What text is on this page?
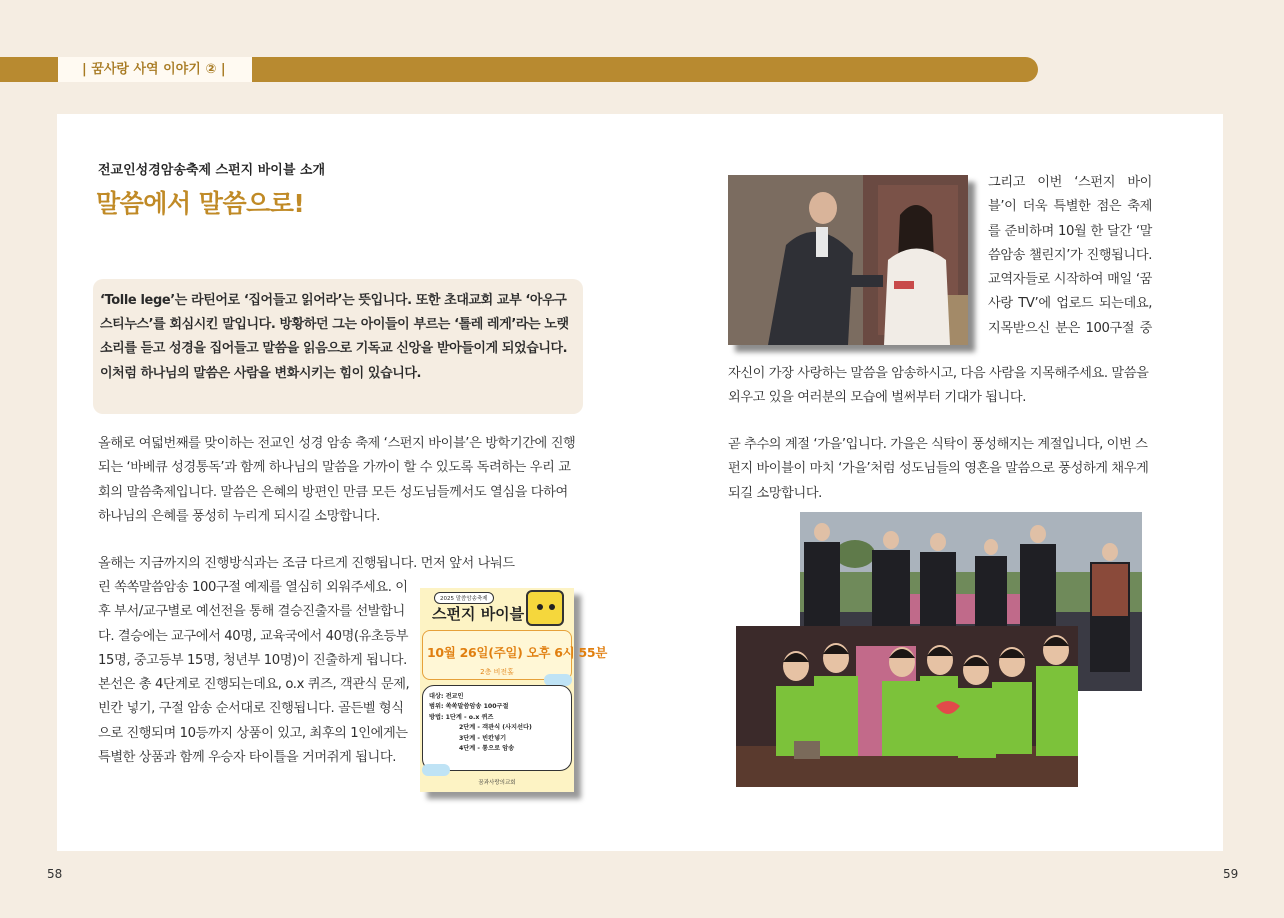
| 꿈사랑 사역 이야기 ② |
전교인성경암송축제 스펀지 바이블 소개
말씀에서 말씀으로!

‘Tolle lege’는 라틴어로 ‘집어들고 읽어라’는 뜻입니다. 또한 초대교회 교부 ‘아우구스티누스’를 회심시킨 말입니다. 방황하던 그는 아이들이 부르는 ‘톨레 레게’라는 노랫소리를 듣고 성경을 집어들고 말씀을 읽음으로 기독교 신앙을 받아들이게 되었습니다. 이처럼 하나님의 말씀은 사람을 변화시키는 힘이 있습니다.

올해로 여덟번째를 맞이하는 전교인 성경 암송 축제 ‘스펀지 바이블’은 방학기간에 진행되는 ‘바베큐 성경통독’과 함께 하나님의 말씀을 가까이 할 수 있도록 독려하는 우리 교회의 말씀축제입니다. 말씀은 은혜의 방편인 만큼 모든 성도님들께서도 열심을 다하여 하나님의 은혜를 풍성히 누리게 되시길 소망합니다.

올해는 지금까지의 진행방식과는 조금 다르게 진행됩니다. 먼저 앞서 나눠드

린 쏙쏙말씀암송 100구절 예제를 열심히 외워주세요. 이후 부서/교구별로 예선전을 통해 결승진출자를 선발합니다. 결승에는 교구에서 40명, 교육국에서 40명(유초등부 15명, 중고등부 15명, 청년부 10명)이 진출하게 됩니다. 본선은 총 4단계로 진행되는데요, o.x 퀴즈, 객관식 문제, 빈칸 넣기, 구절 암송 순서대로 진행됩니다. 골든벨 형식으로 진행되며 10등까지 상품이 있고, 최후의 1인에게는 특별한 상품과 함께 우승자 타이틀을 거머쥐게 됩니다.

2025 말씀암송축제
스펀지 바이블
10월 26일(주일) 오후 6시 55분
2층 비전홀
대상: 전교인
범위: 쏙쏙말씀암송 100구절
방법: 1단계 - o.x 퀴즈
2단계 - 객관식 (사지선다)
3단계 - 빈칸넣기
4단계 - 통으로 암송
꿈과사랑의교회

그리고 이번 ‘스펀지 바이블’이 더욱 특별한 점은 축제를 준비하며 10월 한 달간 ‘말씀암송 챌린지’가 진행됩니다. 교역자들로 시작하여 매일 ‘꿈사랑 TV’에 업로드 되는데요, 지목받으신 분은 100구절 중

자신이 가장 사랑하는 말씀을 암송하시고, 다음 사람을 지목해주세요. 말씀을 외우고 있을 여러분의 모습에 벌써부터 기대가 됩니다.

곧 추수의 계절 ‘가을’입니다. 가을은 식탁이 풍성해지는 계절입니다, 이번 스펀지 바이블이 마치 ‘가을’처럼 성도님들의 영혼을 말씀으로 풍성하게 채우게 되길 소망합니다.

58	59
